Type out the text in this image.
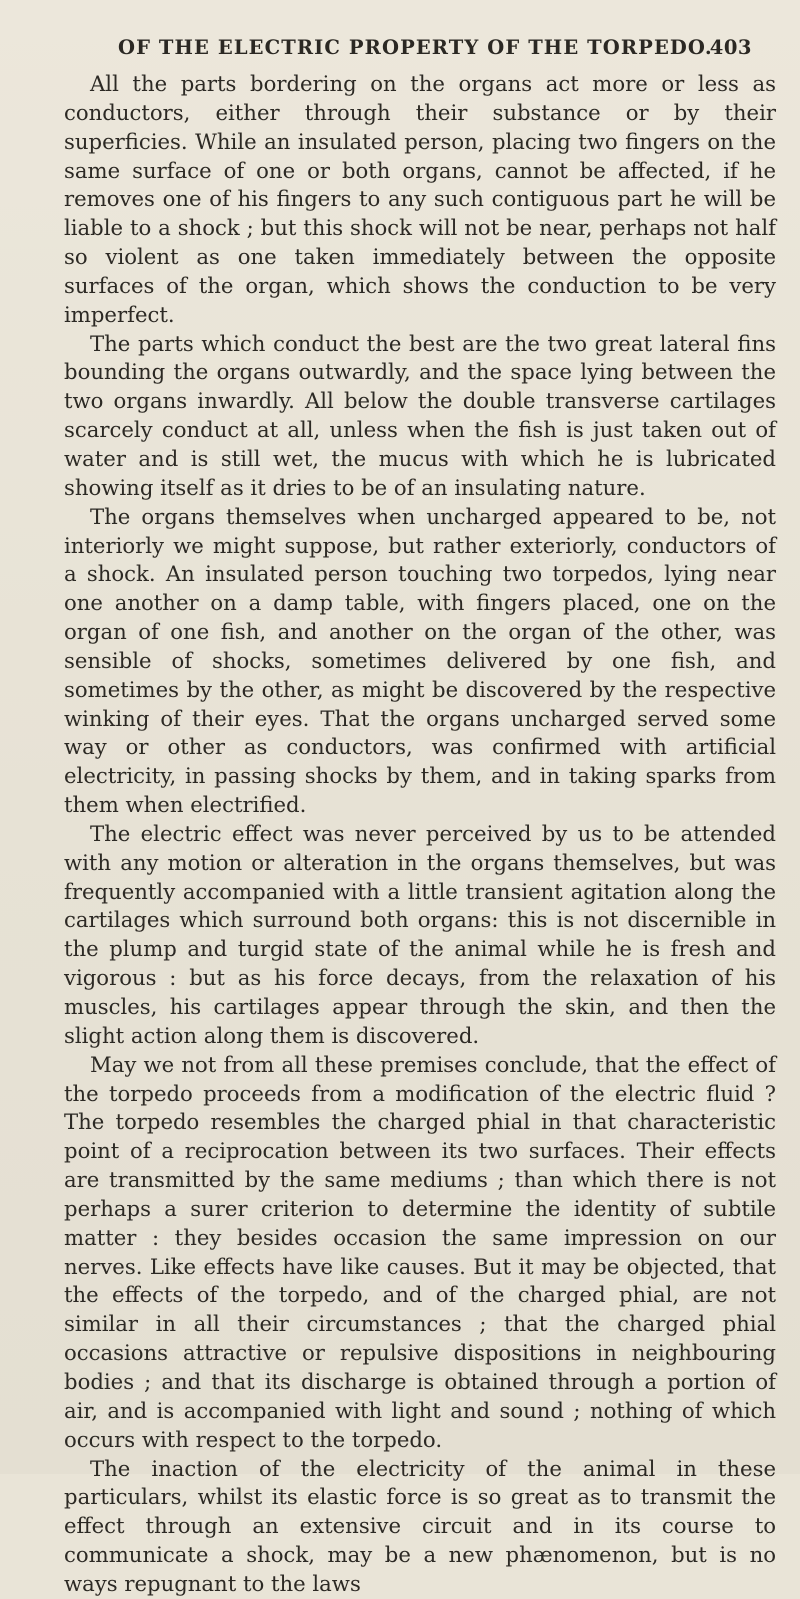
OF THE ELECTRIC PROPERTY OF THE TORPEDO.
403

All the parts bordering on the organs act more or less as conductors, either through their substance or by their superficies. While an insulated person, placing two fingers on the same surface of one or both organs, cannot be affected, if he removes one of his fingers to any such contiguous part he will be liable to a shock ; but this shock will not be near, perhaps not half so violent as one taken immediately between the opposite surfaces of the organ, which shows the conduction to be very imperfect.

The parts which conduct the best are the two great lateral fins bounding the organs outwardly, and the space lying between the two organs inwardly. All below the double transverse cartilages scarcely conduct at all, unless when the fish is just taken out of water and is still wet, the mucus with which he is lubricated showing itself as it dries to be of an insulating nature.

The organs themselves when uncharged appeared to be, not interiorly we might suppose, but rather exteriorly, conductors of a shock. An insulated person touching two torpedos, lying near one another on a damp table, with fingers placed, one on the organ of one fish, and another on the organ of the other, was sensible of shocks, sometimes delivered by one fish, and sometimes by the other, as might be discovered by the respective winking of their eyes. That the organs uncharged served some way or other as conductors, was confirmed with artificial electricity, in passing shocks by them, and in taking sparks from them when electrified.

The electric effect was never perceived by us to be attended with any motion or alteration in the organs themselves, but was frequently accompanied with a little transient agitation along the cartilages which surround both organs: this is not discernible in the plump and turgid state of the animal while he is fresh and vigorous : but as his force decays, from the relaxation of his muscles, his cartilages appear through the skin, and then the slight action along them is discovered.

May we not from all these premises conclude, that the effect of the torpedo proceeds from a modification of the electric fluid ? The torpedo resembles the charged phial in that characteristic point of a reciprocation between its two surfaces. Their effects are transmitted by the same mediums ; than which there is not perhaps a surer criterion to determine the identity of subtile matter : they besides occasion the same impression on our nerves. Like effects have like causes. But it may be objected, that the effects of the torpedo, and of the charged phial, are not similar in all their circumstances ; that the charged phial occasions attractive or repulsive dispositions in neighbouring bodies ; and that its discharge is obtained through a portion of air, and is accompanied with light and sound ; nothing of which occurs with respect to the torpedo.

The inaction of the electricity of the animal in these particulars, whilst its elastic force is so great as to transmit the effect through an extensive circuit and in its course to communicate a shock, may be a new phænomenon, but is no ways repugnant to the laws
